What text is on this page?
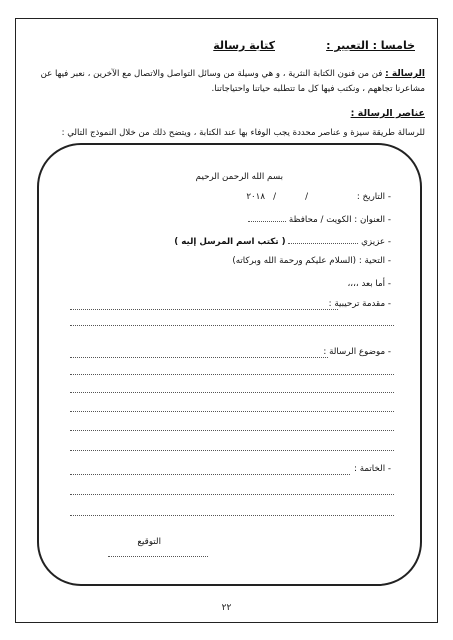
خامسا : التعبير :
كتابة رسالة
الرسالة : فن من فنون الكتابة النثرية ، و هي وسيلة من وسائل التواصل والاتصال مع الآخرين ، نعبر فيها عن مشاعرنا تجاههم ، ونكتب فيها كل ما تتطلبه حياتنا واحتياجاتنا.
عناصر الرسالة :
للرسالة طريقة سيزة و عناصر محددة يجب الوفاء بها عند الكتابة ، ويتضح ذلك من خلال النموذج التالي :
بسم الله الرحمن الرحيم
- التاريخ :
/
/
٢٠١٨
- العنوان : الكويت / محافظة
- عزيزي  ( تكتب اسم المرسل إليه )
- التحية : (السلام عليكم ورحمة الله وبركاته)
- أما بعد ،،،،
- مقدمة ترحيبية :
- موضوع الرسالة :
- الخاتمة :
التوقيع
٢٢
